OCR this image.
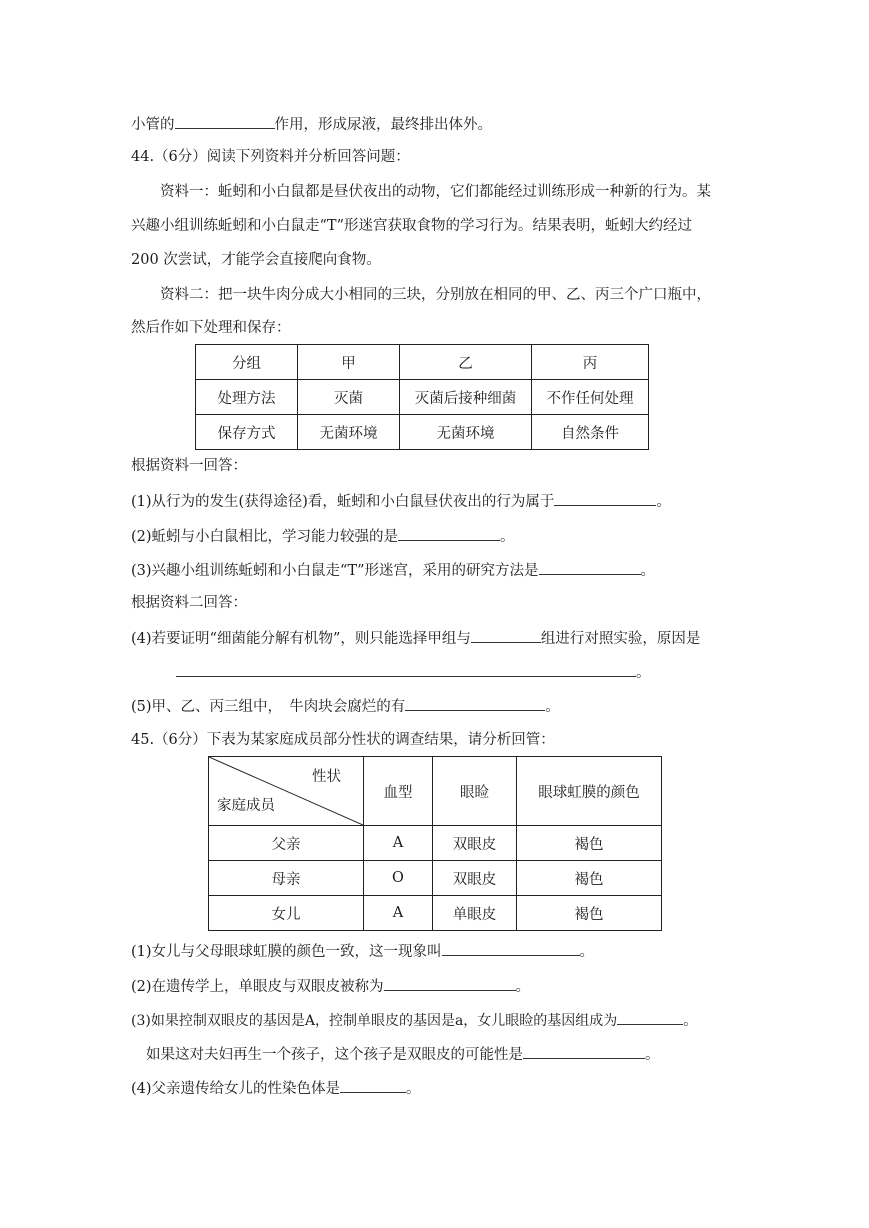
小管的	作用，形成尿液，最终排出体外。
44.（6分）阅读下列资料并分析回答问题：
资料一：蚯蚓和小白鼠都是昼伏夜出的动物，它们都能经过训练形成一种新的行为。某
兴趣小组训练蚯蚓和小白鼠走“T”形迷宫获取食物的学习行为。结果表明，蚯蚓大约经过
200 次尝试，才能学会直接爬向食物。
资料二：把一块牛肉分成大小相同的三块，分别放在相同的甲、乙、丙三个广口瓶中，
然后作如下处理和保存：
分组	甲	乙	丙
处理方法	灭菌	灭菌后接种细菌	不作任何处理
保存方式	无菌环境	无菌环境	自然条件
根据资料一回答：
(1)从行为的发生(获得途径)看，蚯蚓和小白鼠昼伏夜出的行为属于	。
(2)蚯蚓与小白鼠相比，学习能力较强的是	。
(3)兴趣小组训练蚯蚓和小白鼠走“T”形迷宫，采用的研究方法是	。
根据资料二回答：
(4)若要证明“细菌能分解有机物”，则只能选择甲组与	组进行对照实验，原因是
。
(5)甲、乙、丙三组中，　牛肉块会腐烂的有	。
45.（6分）下表为某家庭成员部分性状的调查结果，请分析回管：
性状
家庭成员	血型	眼睑	眼球虹膜的颜色
父亲	A	双眼皮	褐色
母亲	O	双眼皮	褐色
女儿	A	单眼皮	褐色
(1)女儿与父母眼球虹膜的颜色一致，这一现象叫	。
(2)在遗传学上，单眼皮与双眼皮被称为	。
(3)如果控制双眼皮的基因是A，控制单眼皮的基因是a，女儿眼睑的基因组成为	。
如果这对夫妇再生一个孩子，这个孩子是双眼皮的可能性是	。
(4)父亲遗传给女儿的性染色体是	。
